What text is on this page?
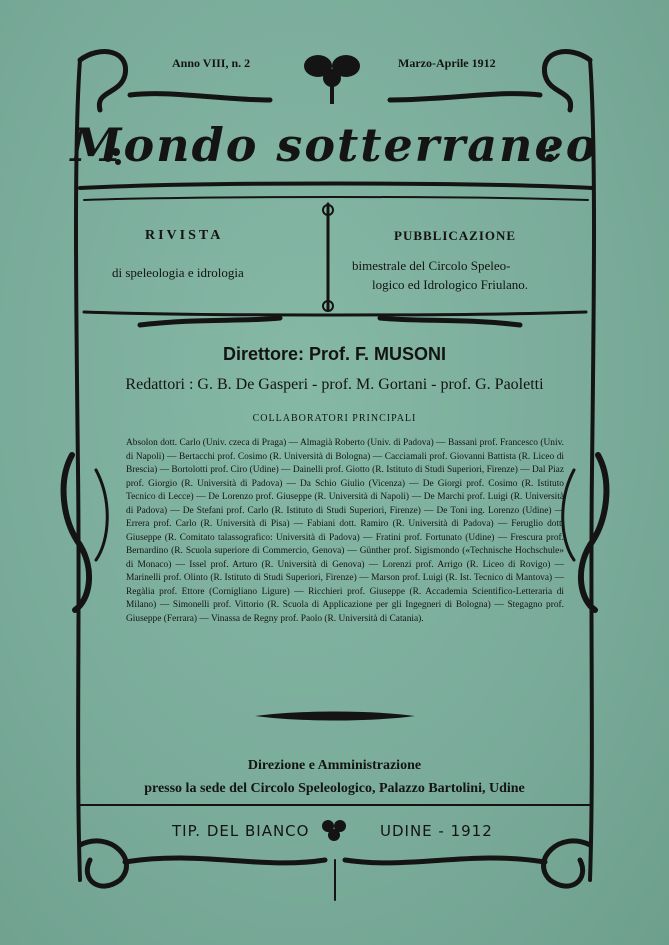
Anno VIII, n. 2	Marzo-Aprile 1912
Mondo sotterraneo
RIVISTA
di speleologia e idrologia
PUBBLICAZIONE
bimestrale del Circolo Speleo-
logico ed Idrologico Friulano.
Direttore: Prof. F. MUSONI
Redattori : G. B. De Gasperi - prof. M. Gortani - prof. G. Paoletti
COLLABORATORI PRINCIPALI
Absolon dott. Carlo (Univ. czeca di Praga) — Almagià Roberto (Univ. di Padova) — Bassani prof. Francesco (Univ. di Napoli) — Bertacchi prof. Cosimo (R. Università di Bologna) — Cacciamali prof. Giovanni Battista (R. Liceo di Brescia) — Bortolotti prof. Ciro (Udine) — Dainelli prof. Giotto (R. Istituto di Studi Superiori, Firenze) — Dal Piaz prof. Giorgio (R. Università di Padova) — Da Schio Giulio (Vicenza) — De Giorgi prof. Cosimo (R. Istituto Tecnico di Lecce) — De Lorenzo prof. Giuseppe (R. Università di Napoli) — De Marchi prof. Luigi (R. Università di Padova) — De Stefani prof. Carlo (R. Istituto di Studi Superiori, Firenze) — De Toni ing. Lorenzo (Udine) — Errera prof. Carlo (R. Università di Pisa) — Fabiani dott. Ramiro (R. Università di Padova) — Feruglio dott. Giuseppe (R. Comitato talassografico: Università di Padova) — Fratini prof. Fortunato (Udine) — Frescura prof. Bernardino (R. Scuola superiore di Commercio, Genova) — Günther prof. Sigismondo («Technische Hochschule» di Monaco) — Issel prof. Arturo (R. Università di Genova) — Lorenzi prof. Arrigo (R. Liceo di Rovigo) — Marinelli prof. Olinto (R. Istituto di Studi Superiori, Firenze) — Marson prof. Luigi (R. Ist. Tecnico di Mantova) — Regàlia prof. Ettore (Cornigliano Ligure) — Ricchieri prof. Giuseppe (R. Accademia Scientifico-Letteraria di Milano) — Simonelli prof. Vittorio (R. Scuola di Applicazione per gli Ingegneri di Bologna) — Stegagno prof. Giuseppe (Ferrara) — Vinassa de Regny prof. Paolo (R. Università di Catania).
Direzione e Amministrazione
presso la sede del Circolo Speleologico, Palazzo Bartolini, Udine
TIP. DEL BIANCO	UDINE - 1912
